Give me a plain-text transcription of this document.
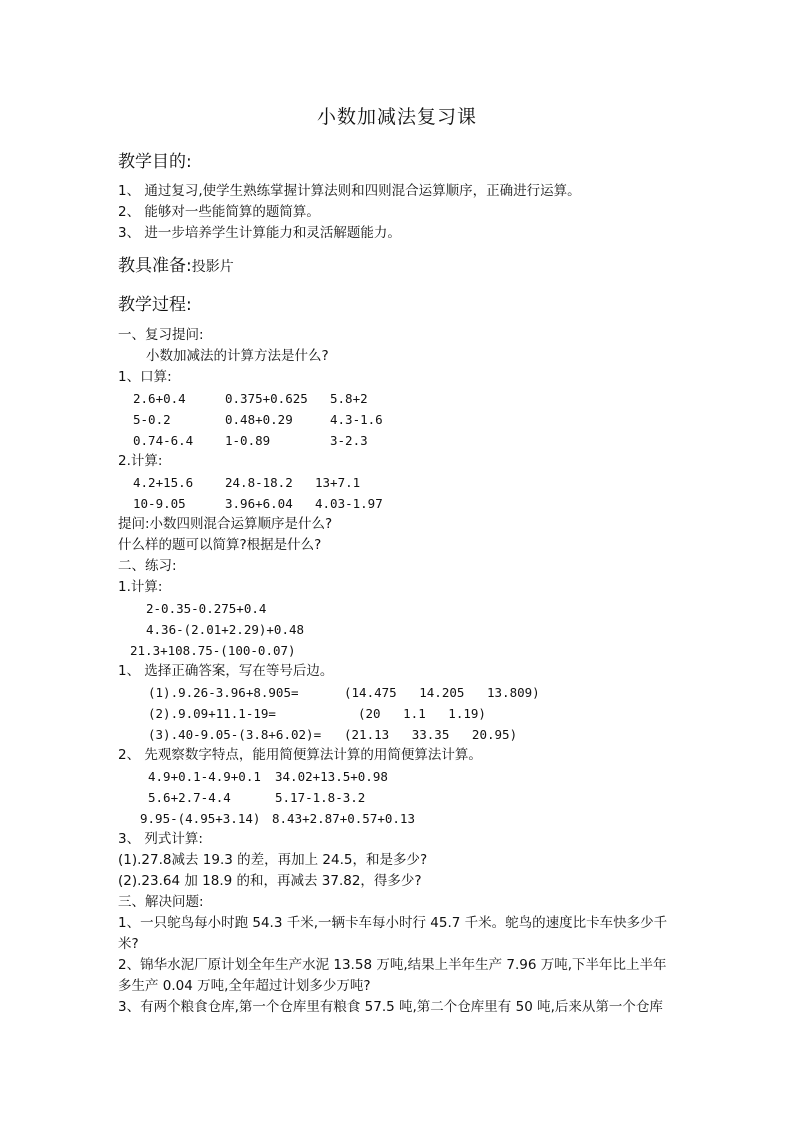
小数加减法复习课
教学目的:
1、 通过复习,使学生熟练掌握计算法则和四则混合运算顺序，正确进行运算。
2、 能够对一些能简算的题简算。
3、 进一步培养学生计算能力和灵活解题能力。
教具准备:投影片
教学过程:
一、复习提问:
小数加减法的计算方法是什么?
1、口算:
2.6+0.4	0.375+0.625 5.8+2
5-0.2	0.48+0.29	4.3-1.6
0.74-6.4	1-0.89	3-2.3
2.计算:
4.2+15.6	24.8-18.2 13+7.1
10-9.05	3.96+6.04 4.03-1.97
提问:小数四则混合运算顺序是什么?
什么样的题可以简算?根据是什么?
二、练习:
1.计算:
2-0.35-0.275+0.4
4.36-(2.01+2.29)+0.48
21.3+108.75-(100-0.07)
1、 选择正确答案，写在等号后边。
(1).9.26-3.96+8.905=	(14.475   14.205   13.809)
(2).9.09+11.1-19=	(20   1.1   1.19)
(3).40-9.05-(3.8+6.02)= (21.13   33.35   20.95)
2、 先观察数字特点，能用简便算法计算的用简便算法计算。
4.9+0.1-4.9+0.1 34.02+13.5+0.98
5.6+2.7-4.4	5.17-1.8-3.2
9.95-(4.95+3.14) 8.43+2.87+0.57+0.13
3、 列式计算:
(1).27.8减去 19.3 的差，再加上 24.5，和是多少?
(2).23.64 加 18.9 的和，再减去 37.82，得多少?
三、解决问题:
1、一只鸵鸟每小时跑 54.3 千米,一辆卡车每小时行 45.7 千米。鸵鸟的速度比卡车快多少千米?
2、锦华水泥厂原计划全年生产水泥 13.58 万吨,结果上半年生产 7.96 万吨,下半年比上半年多生产 0.04 万吨,全年超过计划多少万吨?
3、有两个粮食仓库,第一个仓库里有粮食 57.5 吨,第二个仓库里有 50 吨,后来从第一个仓库
